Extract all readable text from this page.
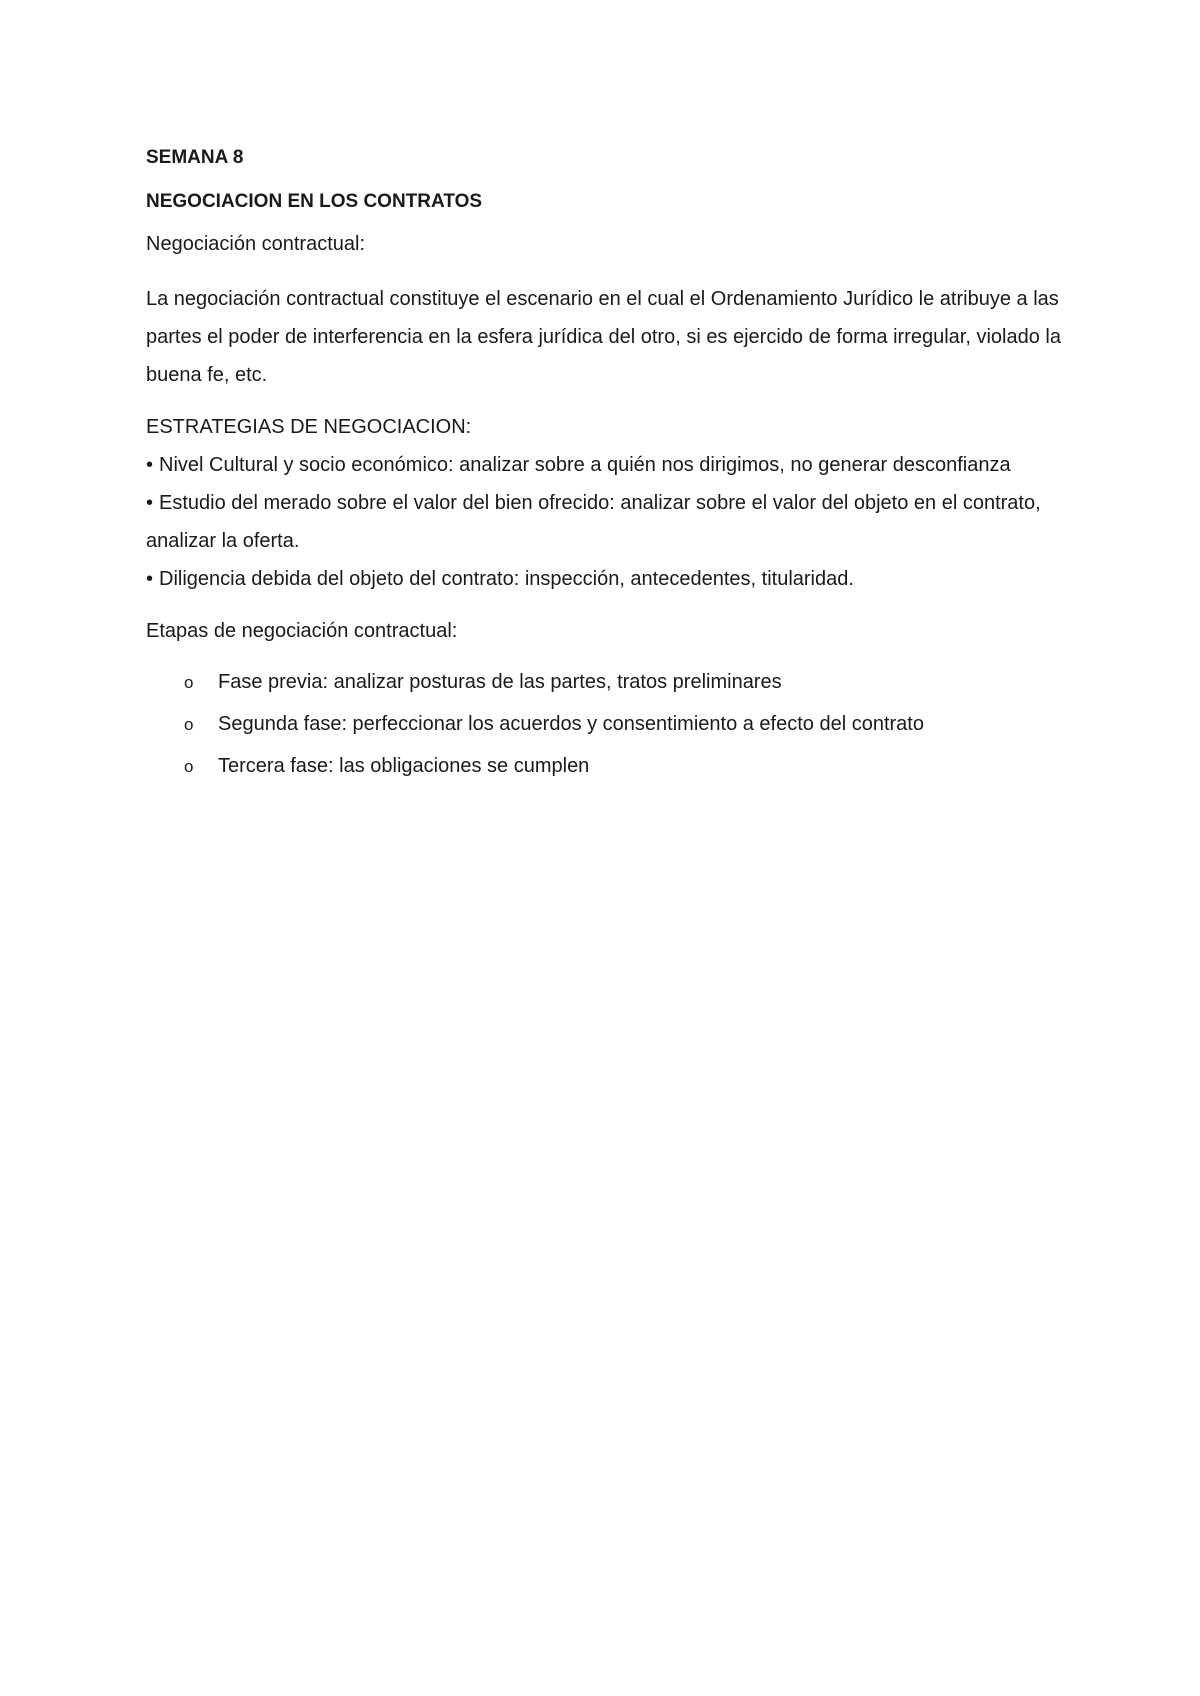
SEMANA 8

NEGOCIACION EN LOS CONTRATOS

Negociación contractual:

La negociación contractual constituye el escenario en el cual el Ordenamiento Jurídico le atribuye a las partes el poder de interferencia en la esfera jurídica del otro, si es ejercido de forma irregular, violado la buena fe, etc.

ESTRATEGIAS DE NEGOCIACION:

• Nivel Cultural y socio económico: analizar sobre a quién nos dirigimos, no generar desconfianza
• Estudio del merado sobre el valor del bien ofrecido: analizar sobre el valor del objeto en el contrato, analizar la oferta.
• Diligencia debida del objeto del contrato: inspección, antecedentes, titularidad.

Etapas de negociación contractual:

o Fase previa: analizar posturas de las partes, tratos preliminares
o Segunda fase: perfeccionar los acuerdos y consentimiento a efecto del contrato
o Tercera fase: las obligaciones se cumplen
